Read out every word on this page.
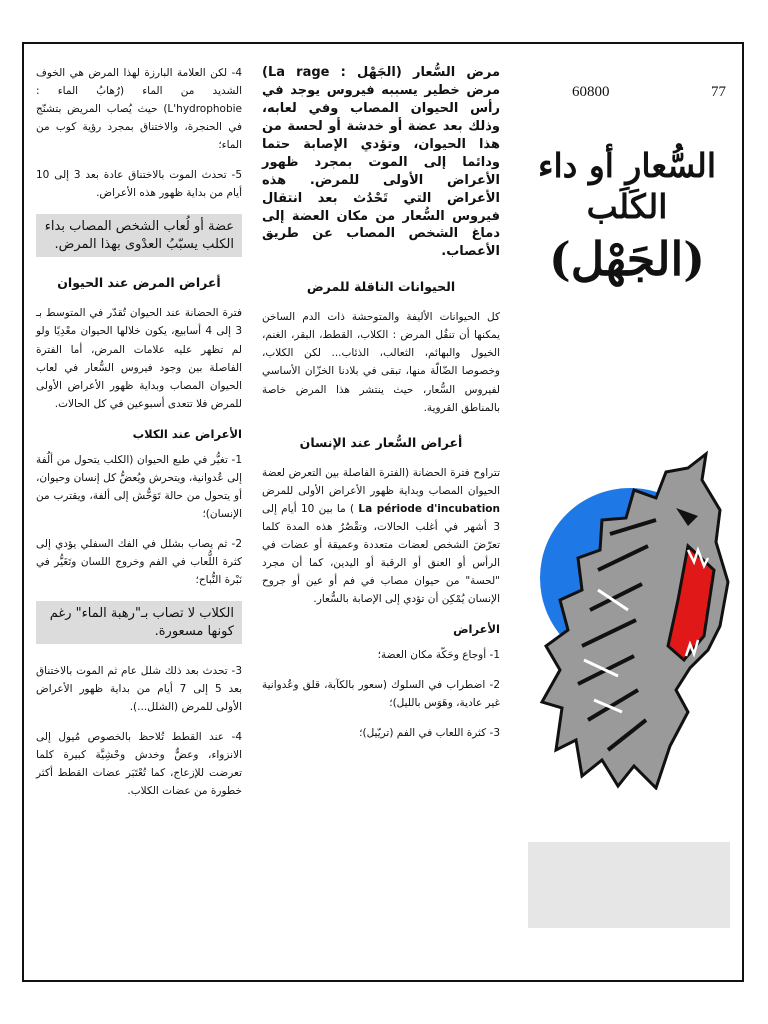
4- لكن العلامة البارزة لهذا المرض هي الخوف الشديد من الماء (رُهابُ الماء : L'hydrophobie) حيث يُصاب المريض بتشنّج في الحنجرة، والاختناق بمجرد رؤية كوب من الماء؛

5- تحدث الموت بالاختناق عادة بعد 3 إلى 10 أيام من بداية ظهور هذه الأعراض.

عضة أو لُعاب الشخص المصاب بداء الكلب يسبّبُ العدْوى بهذا المرض.
أعراض المرض عند الحيوان

فترة الحضانة عند الحيوان تُقدّر في المتوسط بـ 3 إلى 4 أسابيع، يكون خلالها الحيوان معْدِيًا ولو لم تظهر عليه علامات المرض، أما الفترة الفاصلة بين وجود فيروس السُّعار في لعاب الحيوان المصاب وبداية ظهور الأعراض الأولى للمرض فلا تتعدى أسبوعين في كل الحالات.

الأعراض عند الكلاب

1- تغيُّر في طبع الحيوان (الكلب يتحول من ألُفة إلى عُدوانية، ويتحرش ويُعضُّ كل إنسان وحيوان، أو يتحول من حالة تَوَحُّش إلى ألفة، ويقترب من الإنسان)؛

2- ثم يصاب بشلل في الفك السفلي يؤدي إلى كثرة اللُّعاب في الفم وخروج اللسان وتَغَيُّر في نَبْرة النُّباح؛

الكلاب لا تصاب بـ"رهبة الماء" رغم كونها مسعورة.

3- تحدث بعد ذلك شلل عام ثم الموت بالاختناق بعد 5 إلى 7 أيام من بداية ظهور الأعراض الأولى للمرض (الشلل...).

4- عند القطط تُلاحظ بالخصوص مُيول إلى الانزواء، وعضٌّ وخدش وحْشِيَّة كبيرة كلما تعرضت للإزعاج، كما تُعْتَبَر عضات القطط أكثر خطورة من عضات الكلاب.

مرض السُّعار (الجَهْل : La rage) مرض خطير يسببه فيروس يوجد في رأس الحيوان المصاب وفي لعابه، وذلك بعد عضة أو خدشة أو لحسة من هذا الحيوان، وتؤدي الإصابة حتما ودائما إلى الموت بمجرد ظهور الأعراض الأولى للمرض. هذه الأعراض التي تَحْدُث بعد انتقال فيروس السُّعار من مكان العضة إلى دماغ الشخص المصاب عن طريق الأعصاب.

الحيوانات الناقلة للمرض

كل الحيوانات الأليفة والمتوحشة ذات الدم الساخن يمكنها أن تنقُل المرض : الكلاب، القطط، البقر، الغنم، الخيول والبهائم، الثعالب، الذئاب... لكن الكلاب، وخصوصا الضّالّة منها، تبقى في بلادنا الخزّان الأساسي لفيروس السُّعار، حيث ينتشر هذا المرض خاصة بالمناطق القروية.

أعراض السُّعار عند الإنسان

تتراوح فترة الحضانة (الفترة الفاصلة بين التعرض لعضة الحيوان المصاب وبداية ظهور الأعراض الأولى للمرض La période d'incubation ) ما بين 10 أيام إلى 3 أشهر في أغلب الحالات، وتقْصُرُ هذه المدة كلما تعرّضَ الشخص لعضات متعددة وعميقة أو عضات في الرأس أو العنق أو الرقبة أو اليدين، كما أن مجرد "لحسة" من حيوان مصاب في فم أو عين أو جروح الإنسان يُمْكِن أن تؤدي إلى الإصابة بالسُّعار.

الأعراض

1- أوجاع وحَكّة مكان العضة؛

2- اضطراب في السلوك (سعور بالكآبة، قلق وعُدوانية غير عادية، وهَوَس بالليل)؛

3- كثرة اللعاب في الفم (تريّيل)؛

60800	77
السُّعار أو داء الكَلَب
(الجَهْل)
